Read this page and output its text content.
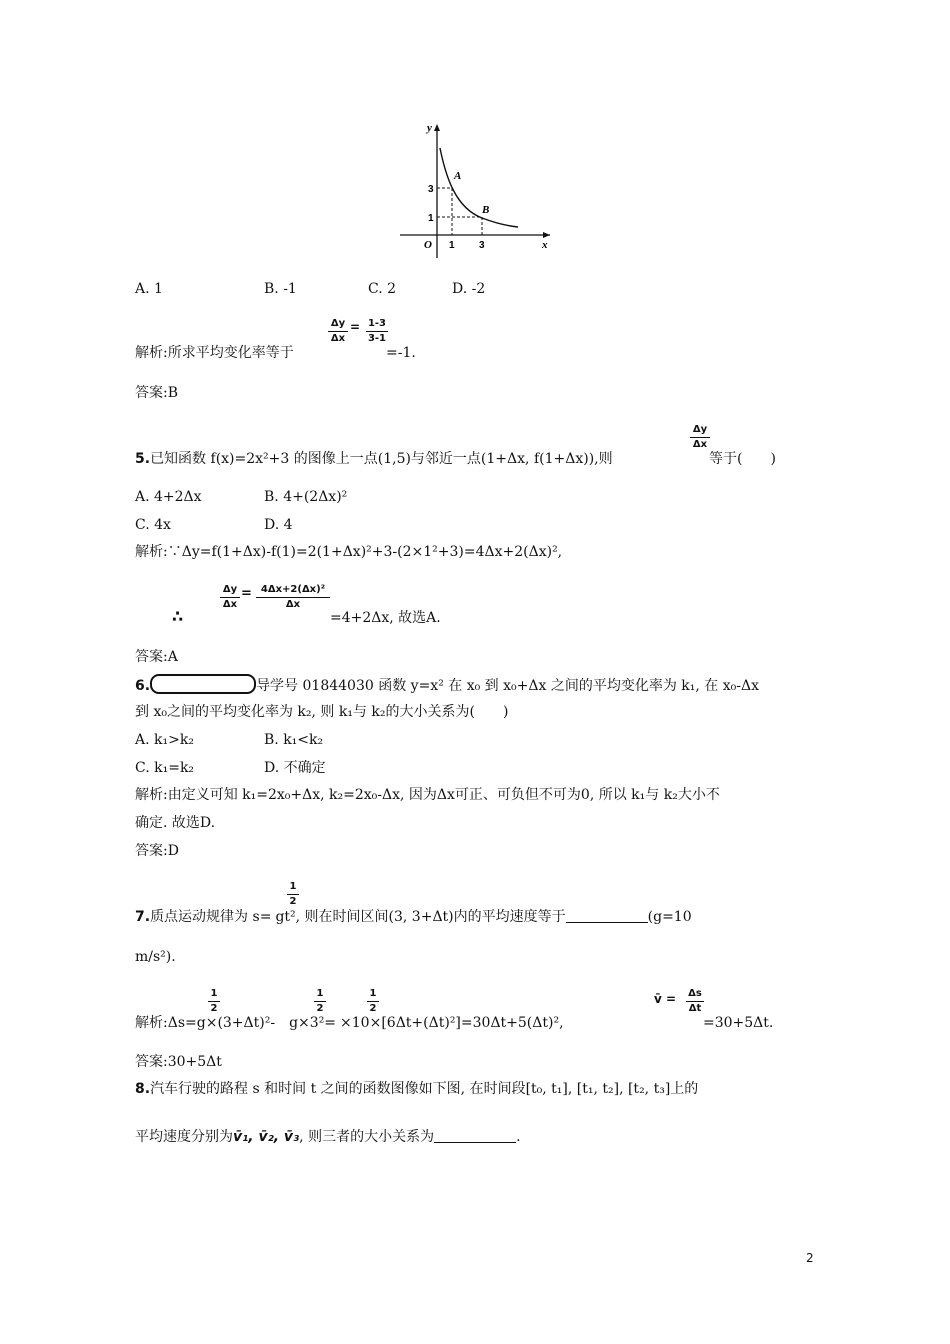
y
x
O
A
B
3
1
1 3
A. 1	B. -1	C. 2	D. -2
Δy
Δx
= 1-3
3-1
解析:所求平均变化率等于	=-1.
答案:B
Δy
Δx
5.已知函数 f(x)=2x²+3 的图像上一点(1,5)与邻近一点(1+Δx, f(1+Δx)),则	等于(　　)
A. 4+2Δx	B. 4+(2Δx)²
C. 4x	D. 4
解析:∵Δy=f(1+Δx)-f(1)=2(1+Δx)²+3-(2×1²+3)=4Δx+2(Δx)²,
∴
Δy
Δx
= 4Δx+2(Δx)²
Δx
=4+2Δx, 故选A.
答案:A
6.	导学号 01844030 函数 y=x² 在 x₀ 到 x₀+Δx 之间的平均变化率为 k₁, 在 x₀-Δx
到 x₀之间的平均变化率为 k₂, 则 k₁与 k₂的大小关系为(　　)
A. k₁>k₂	B. k₁<k₂
C. k₁=k₂	D. 不确定
解析:由定义可知 k₁=2x₀+Δx, k₂=2x₀-Δx, 因为Δx可正、可负但不可为0, 所以 k₁与 k₂大小不
确定. 故选D.
答案:D
1
2
7.质点运动规律为 s= gt², 则在时间区间(3, 3+Δt)内的平均速度等于	(g=10
m/s²).
1
2
1
2
1
2
v̄ = Δs
Δt
解析:Δs=g×(3+Δt)²- g×3²= ×10×[6Δt+(Δt)²]=30Δt+5(Δt)²,	=30+5Δt.
答案:30+5Δt
8.汽车行驶的路程 s 和时间 t 之间的函数图像如下图, 在时间段[t₀, t₁], [t₁, t₂], [t₂, t₃]上的
平均速度分别为v̄₁, v̄₂, v̄₃, 则三者的大小关系为	.
2
